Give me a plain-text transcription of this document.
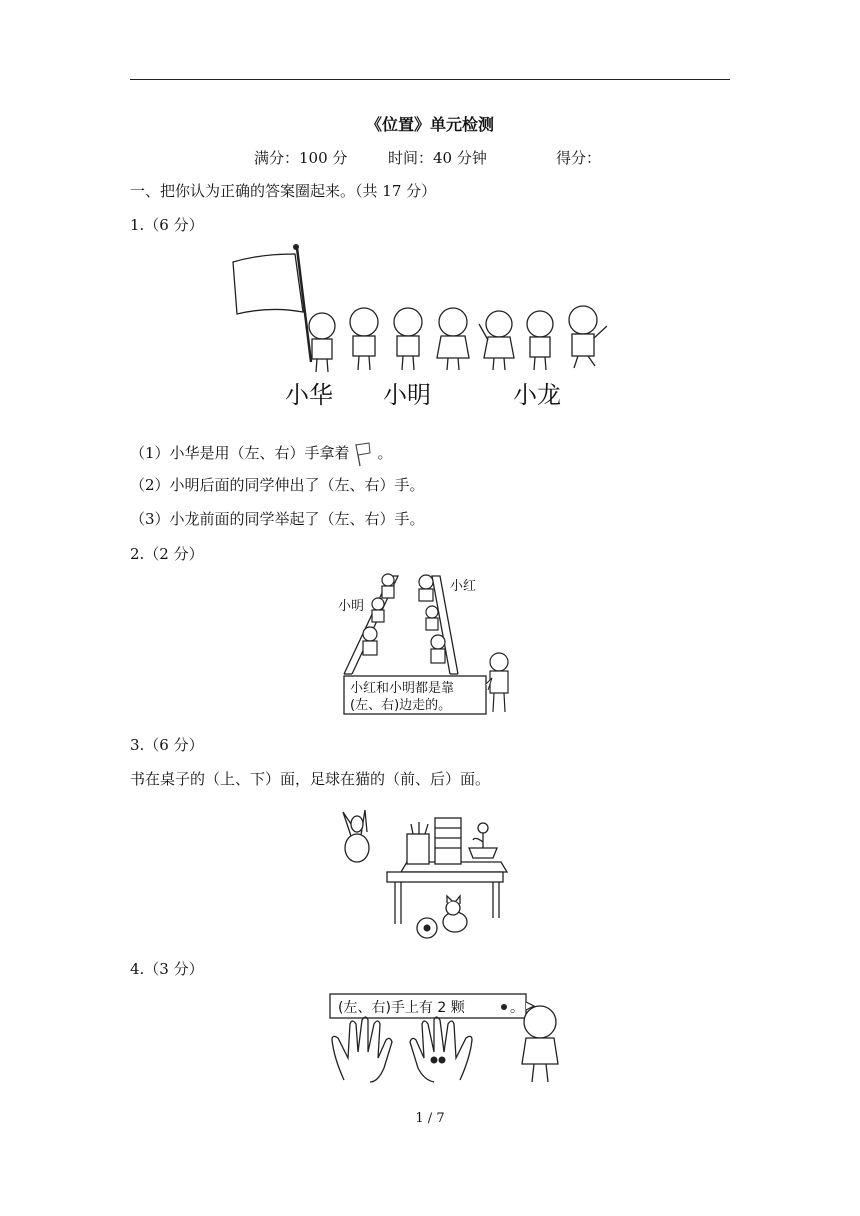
《位置》单元检测
满分：100 分	时间：40 分钟	得分：
一、把你认为正确的答案圈起来。（共 17 分）
1.（6 分）
小华 小明	小龙
（1）小华是用（左、右）手拿着 。
（2）小明后面的同学伸出了（左、右）手。
（3）小龙前面的同学举起了（左、右）手。
2.（2 分）
小明
小红
小红和小明都是靠
(左、右)边走的。
3.（6 分）
书在桌子的（上、下）面，足球在猫的（前、后）面。
4.（3 分）
(左、右)手上有 2 颗	。
1 / 7
